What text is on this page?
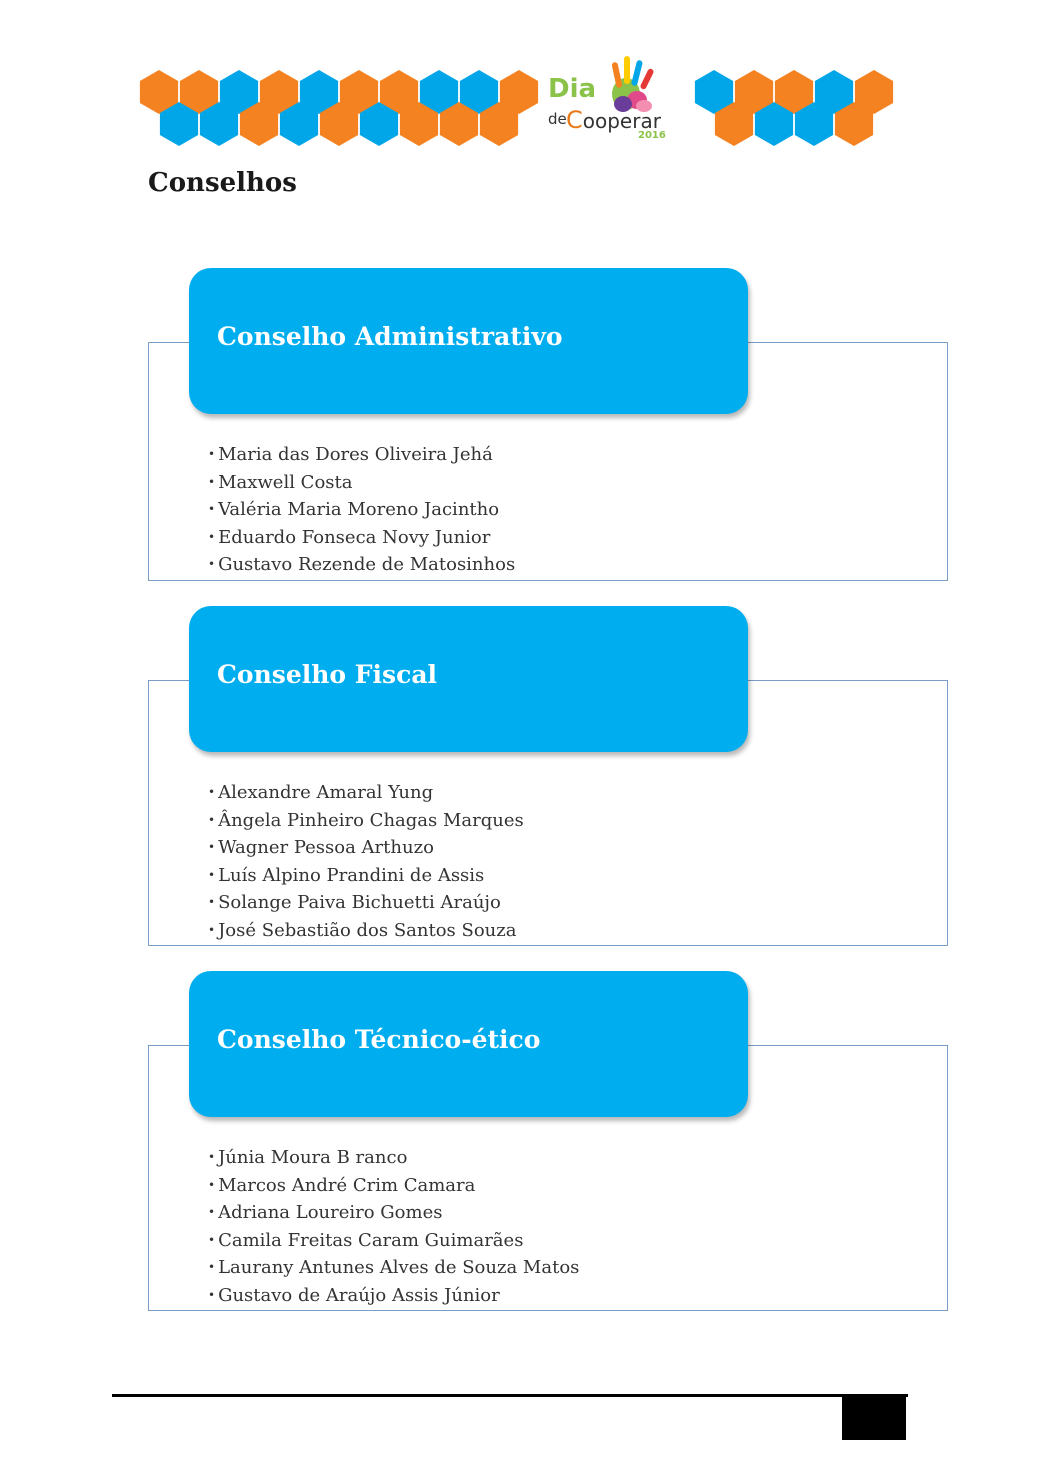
Dia
de Cooperar
2016
Conselhos
Conselho Administrativo
• Maria das Dores Oliveira Jehá
• Maxwell Costa
• Valéria Maria Moreno Jacintho
• Eduardo Fonseca Novy Junior
• Gustavo Rezende de Matosinhos
Conselho Fiscal
• Alexandre Amaral Yung
• Ângela Pinheiro Chagas Marques
• Wagner Pessoa Arthuzo
• Luís Alpino Prandini de Assis
• Solange Paiva Bichuetti Araújo
• José Sebastião dos Santos Souza
Conselho Técnico-ético
• Júnia Moura B ranco
• Marcos André Crim Camara
• Adriana Loureiro Gomes
• Camila Freitas Caram Guimarães
• Laurany Antunes Alves de Souza Matos
• Gustavo de Araújo Assis Júnior
